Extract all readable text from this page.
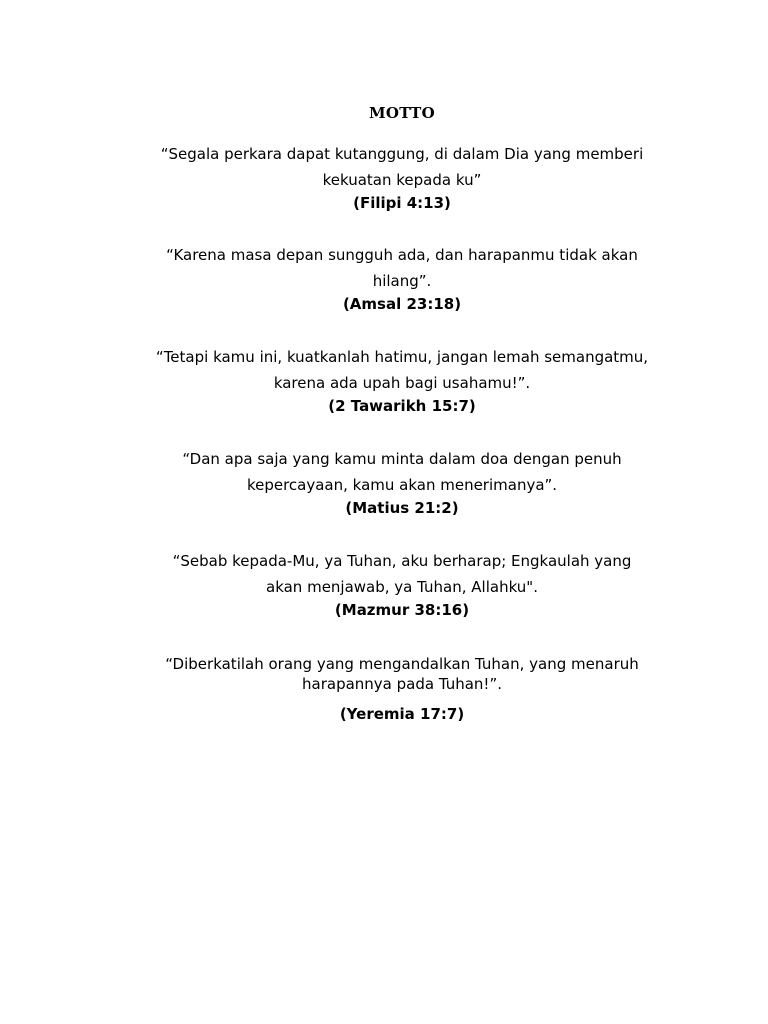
MOTTO

“Segala perkara dapat kutanggung, di dalam Dia yang memberi
kekuatan kepada ku”

(Filipi 4:13)

“Karena masa depan sungguh ada, dan harapanmu tidak akan
hilang”.

(Amsal 23:18)

“Tetapi kamu ini, kuatkanlah hatimu, jangan lemah semangatmu,
karena ada upah bagi usahamu!”.

(2 Tawarikh 15:7)

“Dan apa saja yang kamu minta dalam doa dengan penuh
kepercayaan, kamu akan menerimanya”.

(Matius 21:2)

“Sebab kepada-Mu, ya Tuhan, aku berharap; Engkaulah yang
akan menjawab, ya Tuhan, Allahku".

(Mazmur 38:16)

“Diberkatilah orang yang mengandalkan Tuhan, yang menaruh
harapannya pada Tuhan!”.

(Yeremia 17:7)
